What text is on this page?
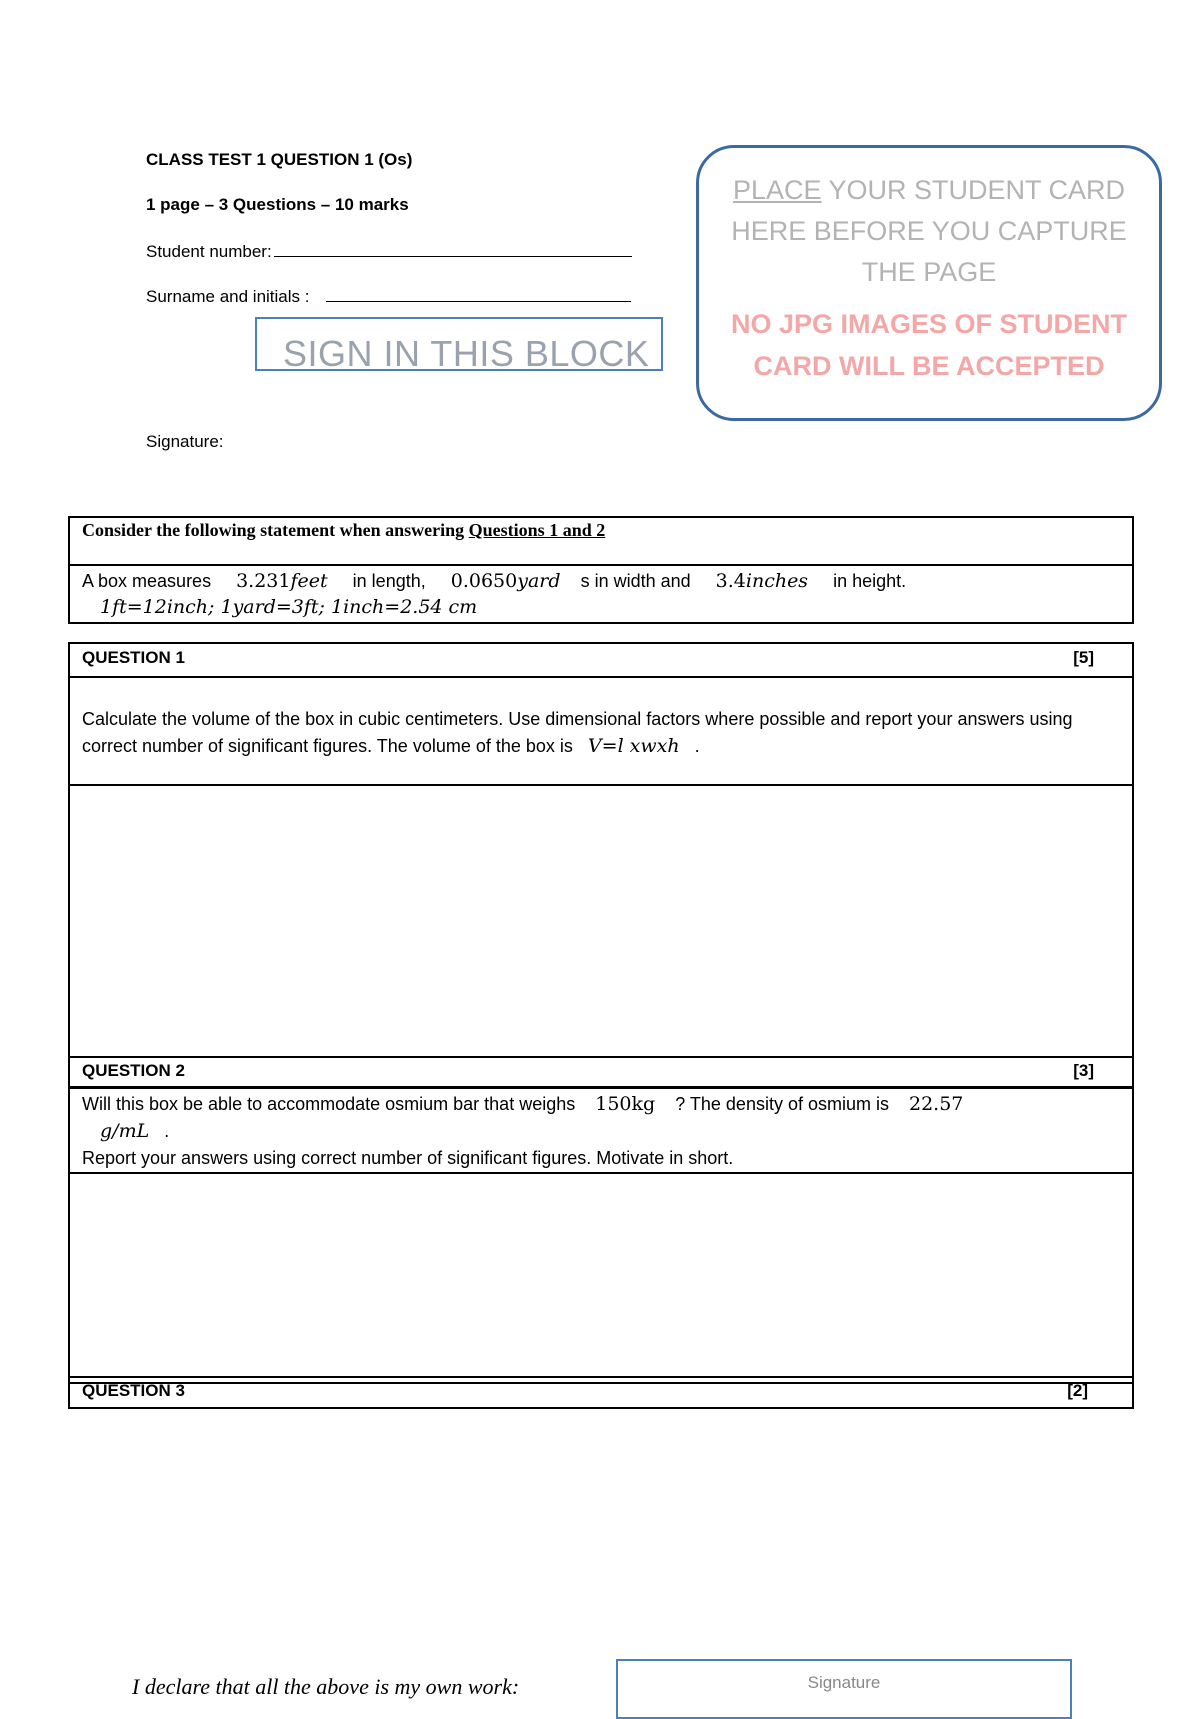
CLASS TEST 1 QUESTION 1 (Os)
1 page – 3 Questions – 10 marks
Student number:
Surname and initials :
SIGN IN THIS BLOCK
Signature:
PLACE YOUR STUDENT CARD
HERE BEFORE YOU CAPTURE
THE PAGE
NO JPG IMAGES OF STUDENT
CARD WILL BE ACCEPTED
Consider the following statement when answering Questions 1 and 2

A box measures 3.231feet in length, 0.0650yard s in width and 3.4inches in height.
1ft=12inch; 1yard=3ft; 1inch=2.54 cm
QUESTION 1	[5]

Calculate the volume of the box in cubic centimeters. Use dimensional factors where possible and report your answers using correct number of significant figures. The volume of the box is V=l xwxh .

QUESTION 2	[3]

Will this box be able to accommodate osmium bar that weighs 150kg ? The density of osmium is 22.57
g/mL .
Report your answers using correct number of significant figures. Motivate in short.

QUESTION 3	[2]
I declare that all the above is my own work:	Signature
